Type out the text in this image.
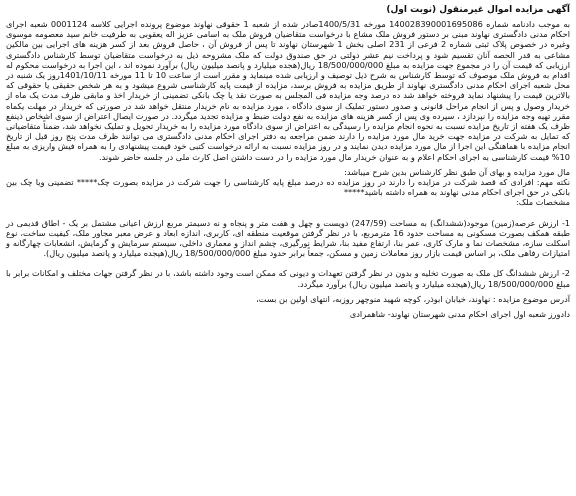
آگهی مزایده اموال غیرمنقول (نوبت اول)

به موجب دادنامه شماره 140028390001695086 مورخه 1400/5/31صادر شده از شعبه 1 حقوقی نهاوند موضوع پرونده اجرایی کلاسه 0001124 شعبه اجرای احکام مدنی دادگستری نهاوند مبنی بر دستور فروش ملک مشاع با درخواست متقاضیان فروش ملک به اسامی عزیز اله یعقوبی به طرفیت خانم سید معصومه موسوی وغیره در خصوص پلاک ثبتی شماره 2 فرعی از 231 اصلی بخش 1 شهرستان نهاوند تا پس از فروش آن ، حاصل فروش بعد از کسر هزینه های اجرایی بین مالکین مشاعی به قدر الحصه آنان تقسیم شود و پرداخت نیم عشر دولتی در حق صندوق دولت که ملک مشروحه ذیل به درخواست متقاضیان توسط کارشناس دادگستری ارزیابی که قیمت آن را در مجموع جهت مزایده به مبلغ 18/500/000/000 ریال(هجده میلیارد و پانصد میلیون ریال) برآورد نموده اند ، این اجرا به درخواست محکوم له اقدام به فروش ملک موصوف که توسط کارشناس به شرح ذیل توصیف و ارزیابی شده مینماید و مقرر است از ساعت 10 تا 11 مورخه 1401/10/11روز یک شنبه در محل شعبه اجرای احکام مدنی دادگستری نهاوند از طریق مزایده به فروش برسد، مزایده از قیمت پایه کارشناسی شروع میشود و به هر شخص حقیقی یا حقوقی که بالاترین قیمت را پیشنهاد نماید فروخته خواهد شد ده درصد وجه مزایده فی المجلس به صورت نقد یا چک بانکی تضمینی از خریدار اخذ و مابقی ظرف مدت یک ماه از خریدار وصول و پس از انجام مراحل قانونی و صدور دستور تملیک از سوی دادگاه ، مورد مزایده به نام خریدار منتقل خواهد شد در صورتی که خریدار در مهلت یکماه مقرر تهیه وجه مزایده را نپردازد ، سپرده وی پس از کسر هزینه های مزایده به نفع دولت ضبط و مزایده تجدید میگردد. در صورت ایصال اعتراض از سوی اشخاص ذینفع ظرف یک هفته از تاریخ مزایده نسبت به نحوه انجام مزایده را رسیدگی به اعتراض از سوی دادگاه مورد مزایده را به خریدار تحویل و تملیک نخواهد شد، ضمناً متقاضیانی که تمایل به شرکت در مزایده جهت خرید مال مورد مزایده را دارند ضمن مراجعه به دفتر اجرای احکام مدنی دادگستری می توانند ظرف مدت پنج روز قبل از تاریخ انجام مزایده با هماهنگی این اجرا از مال مورد مزایده دیدن نمایند و در روز مزایده نسبت به ارائه درخواست کتبی خود قیمت پیشنهادی را به همراه فیش واریزی به مبلغ 10% قیمت کارشناسی به اجرای احکام اعلام و به عنوان خریدار مال مورد مزایده را در دست داشتن اصل کارت ملی در جلسه حاضر شوند.

مال مورد مزایده و بهای آن طبق نظر کارشناس بدین شرح میباشد:

نکته مهم: افرادی که قصد شرکت در مزایده را دارند در روز مزایده ده درصد مبلغ پایه کارشناسی را جهت شرکت در مزایده بصورت چک***** تضمینی ویا چک بین بانکی در حق اجرای احکام مدنی نهاوند به همراه داشته باشید*****

مشخصات ملک:

1- ارزش عرصه(زمین) موجود(ششدانگ) به مساحت (247/59) دویست و چهل و هفت متر و پنجاه و نه دسیمتر مربع ارزش اعیانی مشتمل بر یک - اطاق قدیمی در طبقه همکف بصورت مسکونی به مساحت حدود 16 مترمربع، با در نظر گرفتن موقعیت منطقه ای، کاربری، اندازه ابعاد و عرض معبر مجاور ملک، کیفیت ساخت، نوع اسکلت سازه، مشخصات نما و مارک کاری، عمر بنا، ارتفاع مفید بنا، شرایط نورگیری، چشم انداز و معماری داخلی، سیستم سرمایش و گرمایش، انشعابات چهارگانه و امتیازات رفاهی ملک، بر اساس قیمت بازار روز معاملات زمین و مسکن، جمعاً برابر حدود مبلغ 18/500/000/000 ریال(هیجده میلیارد و پانصد میلیون ریال).

2- ارزش ششدانگ کل ملک به صورت تخلیه و بدون در نظر گرفتن تعهدات و دیونی که ممکن است وجود داشته باشد، با در نظر گرفتن جهات مختلف و امکانات برابر با مبلغ 18/500/000/000 ریال(هیجده میلیارد و پانصد میلیون ریال) برآورد میگردد.

آدرس موضوع مزایده : نهاوند، خیابان ابوذر، کوچه شهید منوچهر روزبه، انتهای اولین بن بست،

دادورز شعبه اول اجرای احکام مدنی شهرستان نهاوند- شاهمرادی
